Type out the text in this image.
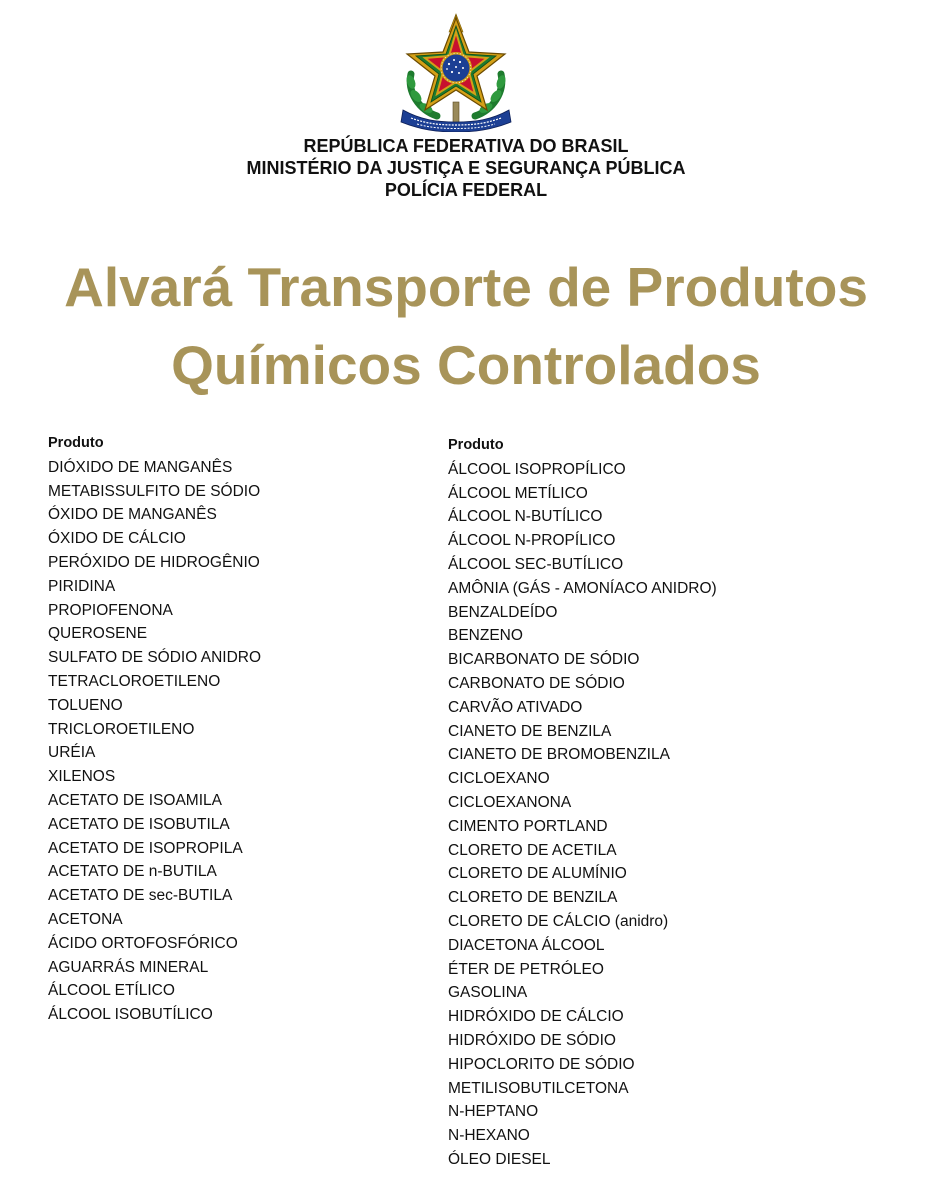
REPÚBLICA FEDERATIVA DO BRASIL
MINISTÉRIO DA JUSTIÇA E SEGURANÇA PÚBLICA
POLÍCIA FEDERAL
Alvará Transporte de Produtos
Químicos Controlados
Produto
DIÓXIDO DE MANGANÊS
METABISSULFITO DE SÓDIO
ÓXIDO DE MANGANÊS
ÓXIDO DE CÁLCIO
PERÓXIDO DE HIDROGÊNIO
PIRIDINA
PROPIOFENONA
QUEROSENE
SULFATO DE SÓDIO ANIDRO
TETRACLOROETILENO
TOLUENO
TRICLOROETILENO
URÉIA
XILENOS
ACETATO DE ISOAMILA
ACETATO DE ISOBUTILA
ACETATO DE ISOPROPILA
ACETATO DE n-BUTILA
ACETATO DE sec-BUTILA
ACETONA
ÁCIDO ORTOFOSFÓRICO
AGUARRÁS MINERAL
ÁLCOOL ETÍLICO
ÁLCOOL ISOBUTÍLICO
Produto
ÁLCOOL ISOPROPÍLICO
ÁLCOOL METÍLICO
ÁLCOOL N-BUTÍLICO
ÁLCOOL N-PROPÍLICO
ÁLCOOL SEC-BUTÍLICO
AMÔNIA (GÁS - AMONÍACO ANIDRO)
BENZALDEÍDO
BENZENO
BICARBONATO DE SÓDIO
CARBONATO DE SÓDIO
CARVÃO ATIVADO
CIANETO DE BENZILA
CIANETO DE BROMOBENZILA
CICLOEXANO
CICLOEXANONA
CIMENTO PORTLAND
CLORETO DE ACETILA
CLORETO DE ALUMÍNIO
CLORETO DE BENZILA
CLORETO DE CÁLCIO (anidro)
DIACETONA ÁLCOOL
ÉTER DE PETRÓLEO
GASOLINA
HIDRÓXIDO DE CÁLCIO
HIDRÓXIDO DE SÓDIO
HIPOCLORITO DE SÓDIO
METILISOBUTILCETONA
N-HEPTANO
N-HEXANO
ÓLEO DIESEL
